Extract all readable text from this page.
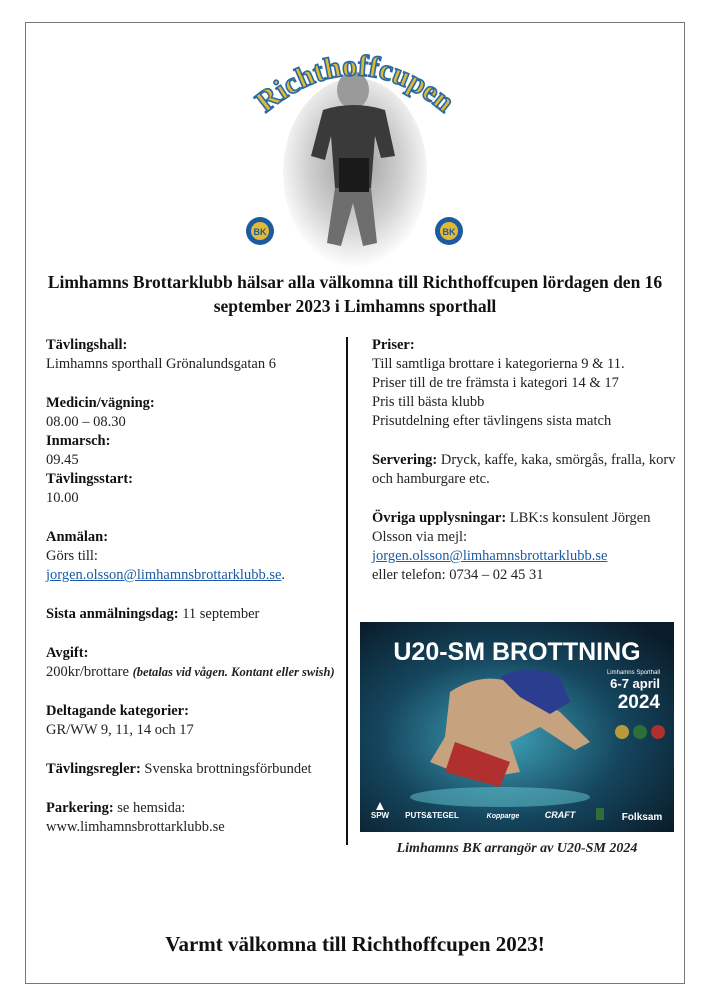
Richthoffcupen
BK	BK
Limhamns Brottarklubb hälsar alla välkomna till Richthoffcupen lördagen den 16 september 2023 i Limhamns sporthall
Tävlingshall:
Limhamns sporthall Grönalundsgatan 6
Medicin/vägning:
08.00 – 08.30
Inmarsch:
09.45
Tävlingsstart:
10.00
Anmälan:
Görs till:
jorgen.olsson@limhamnsbrottarklubb.se.
Sista anmälningsdag: 11 september
Avgift:
200kr/brottare (betalas vid vågen. Kontant eller swish)
Deltagande kategorier:
GR/WW 9, 11, 14 och 17
Tävlingsregler: Svenska brottningsförbundet
Parkering: se hemsida:
www.limhamnsbrottarklubb.se
Priser:
Till samtliga brottare i kategorierna 9 & 11.
Priser till de tre främsta i kategori 14 & 17
Pris till bästa klubb
Prisutdelning efter tävlingens sista match
Servering: Dryck, kaffe, kaka, smörgås, fralla, korv och hamburgare etc.
Övriga upplysningar: LBK:s konsulent Jörgen Olsson via mejl:
jorgen.olsson@limhamnsbrottarklubb.se
eller telefon: 0734 – 02 45 31
U20-SM BROTTNING
Limhamns Sporthall
6-7 april
2024
SPW PUTS&TEGEL	Kopparge	CRAFT	Folksam
Limhamns BK arrangör av U20-SM 2024
Varmt välkomna till Richthoffcupen 2023!
